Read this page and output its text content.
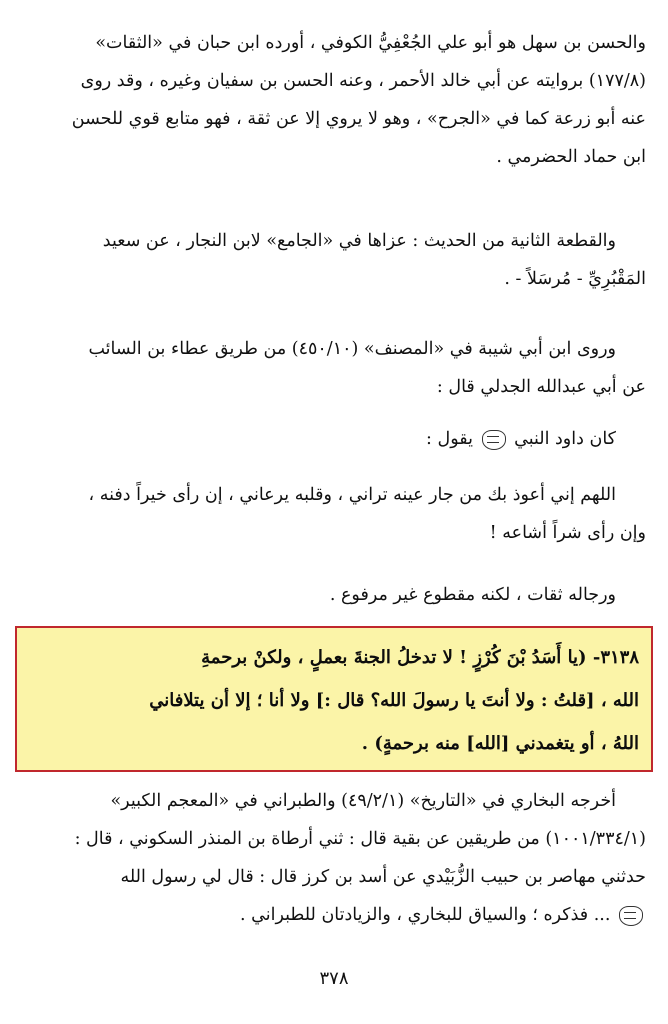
والحسن بن سهل هو أبو علي الجُعْفِيُّ الكوفي ، أورده ابن حبان في «الثقات»
(١٧٧/٨) بروايته عن أبي خالد الأحمر ، وعنه الحسن بن سفيان وغيره ، وقد روى
عنه أبو زرعة كما في «الجرح» ، وهو لا يروي إلا عن ثقة ، فهو متابع قوي للحسن
ابن حماد الحضرمي .
والقطعة الثانية من الحديث : عزاها في «الجامع» لابن النجار ، عن سعيد
المَقْبُرِيِّ - مُرسَلاً - .
وروى ابن أبي شيبة في «المصنف» (٤٥٠/١٠) من طريق عطاء بن السائب
عن أبي عبدالله الجدلي قال :
كان داود النبي  يقول :
اللهم إني أعوذ بك من جار عينه تراني ، وقلبه يرعاني ، إن رأى خيراً دفنه ،
وإن رأى شراً أشاعه !
ورجاله ثقات ، لكنه مقطوع غير مرفوع .
٣١٣٨- (يا أَسَدُ بْنَ كُرْزٍ ! لا تدخلُ الجنةَ بعملٍ ، ولكنْ برحمةِ
الله ، [قلتُ : ولا أنتَ يا رسولَ الله؟ قال :] ولا أنا ؛ إلا أن يتلافاني
اللهُ ، أو يتغمدني [الله] منه برحمةٍ) .
أخرجه البخاري في «التاريخ» (٤٩/٢/١) والطبراني في «المعجم الكبير»
(١٠٠١/٣٣٤/١) من طريقين عن بقية قال : ثني أرطاة بن المنذر السكوني ، قال :
حدثني مهاصر بن حبيب الزُّبَيْدي عن أسد بن كرز قال : قال لي رسول الله
... فذكره ؛ والسياق للبخاري ، والزيادتان للطبراني .
٣٧٨
